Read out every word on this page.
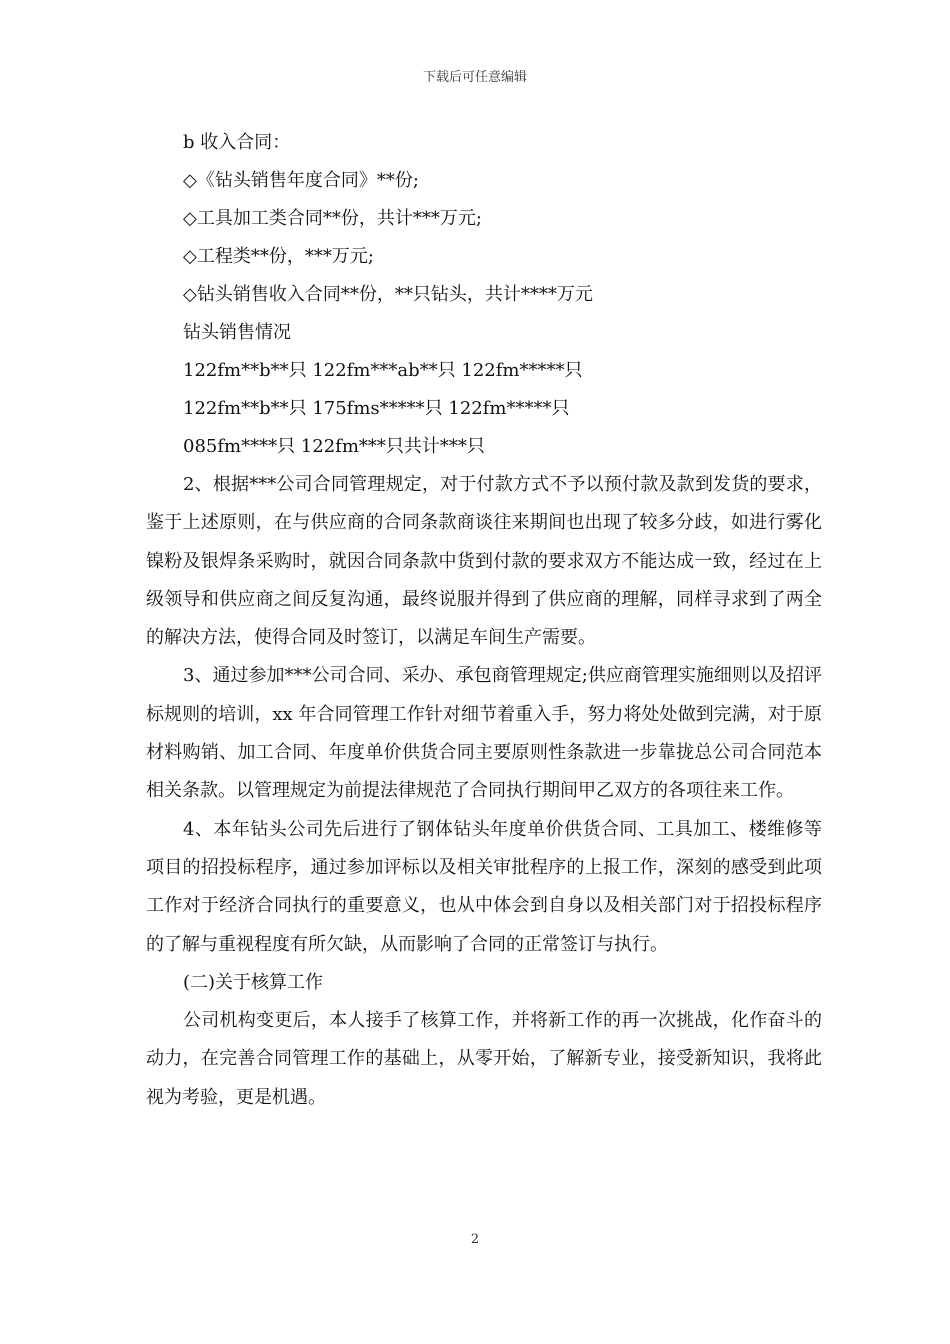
下载后可任意编辑
b 收入合同：
◇《钻头销售年度合同》**份;
◇工具加工类合同**份，共计***万元;
◇工程类**份，***万元;
◇钻头销售收入合同**份，**只钻头，共计****万元
钻头销售情况
122fm**b**只 122fm***ab**只 122fm*****只
122fm**b**只 175fms*****只 122fm*****只
085fm****只 122fm***只共计***只

2、根据***公司合同管理规定，对于付款方式不予以预付款及款到发货的要求，鉴于上述原则，在与供应商的合同条款商谈往来期间也出现了较多分歧，如进行雾化镍粉及银焊条采购时，就因合同条款中货到付款的要求双方不能达成一致，经过在上级领导和供应商之间反复沟通，最终说服并得到了供应商的理解，同样寻求到了两全的解决方法，使得合同及时签订，以满足车间生产需要。

3、通过参加***公司合同、采办、承包商管理规定;供应商管理实施细则以及招评标规则的培训，xx 年合同管理工作针对细节着重入手，努力将处处做到完满，对于原材料购销、加工合同、年度单价供货合同主要原则性条款进一步靠拢总公司合同范本相关条款。以管理规定为前提法律规范了合同执行期间甲乙双方的各项往来工作。

4、本年钻头公司先后进行了钢体钻头年度单价供货合同、工具加工、楼维修等项目的招投标程序，通过参加评标以及相关审批程序的上报工作，深刻的感受到此项工作对于经济合同执行的重要意义，也从中体会到自身以及相关部门对于招投标程序的了解与重视程度有所欠缺，从而影响了合同的正常签订与执行。

(二)关于核算工作

公司机构变更后，本人接手了核算工作，并将新工作的再一次挑战，化作奋斗的动力，在完善合同管理工作的基础上，从零开始，了解新专业，接受新知识，我将此视为考验，更是机遇。

2
